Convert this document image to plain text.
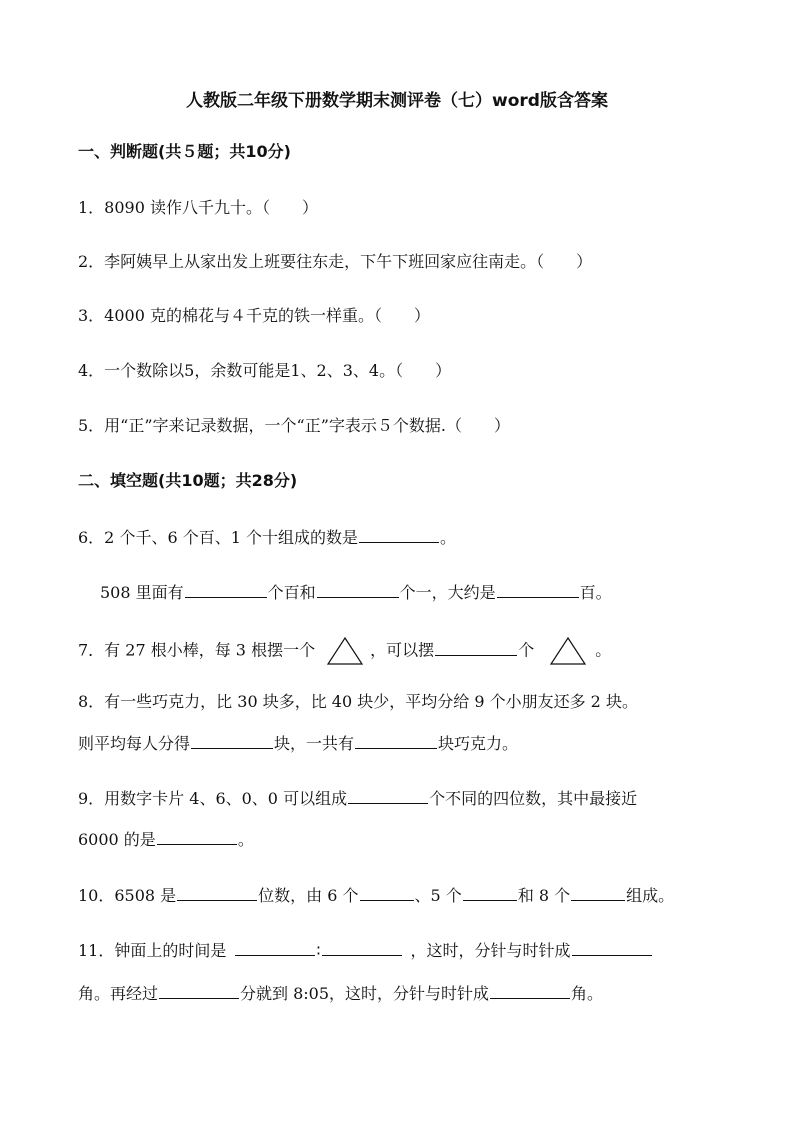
人教版二年级下册数学期末测评卷（七）word版含答案
一、判断题(共５题；共10分)
1．8090 读作八千九十。（　　）
2．李阿姨早上从家出发上班要往东走，下午下班回家应往南走。（　　）
3．4000 克的棉花与４千克的铁一样重。（　　）
4．一个数除以5，余数可能是1、2、3、4。（　　）
5．用“正”字来记录数据，一个“正”字表示５个数据.（　　）
二、填空题(共10题；共28分)
6．2 个千、6 个百、1 个十组成的数是	。
508 里面有	个百和	个一，大约是	百。
7．有 27 根小棒，每 3 根摆一个	，可以摆	个	。
8．有一些巧克力，比 30 块多，比 40 块少，平均分给 9 个小朋友还多 2 块。
则平均每人分得	块，一共有	块巧克力。
9．用数字卡片 4、6、0、0 可以组成	个不同的四位数，其中最接近
6000 的是	。
10．6508 是	位数，由 6 个	、5 个	和 8 个	组成。
11．钟面上的时间是	∶	，这时，分针与时针成
角。再经过	分就到 8:05，这时，分针与时针成	角。
